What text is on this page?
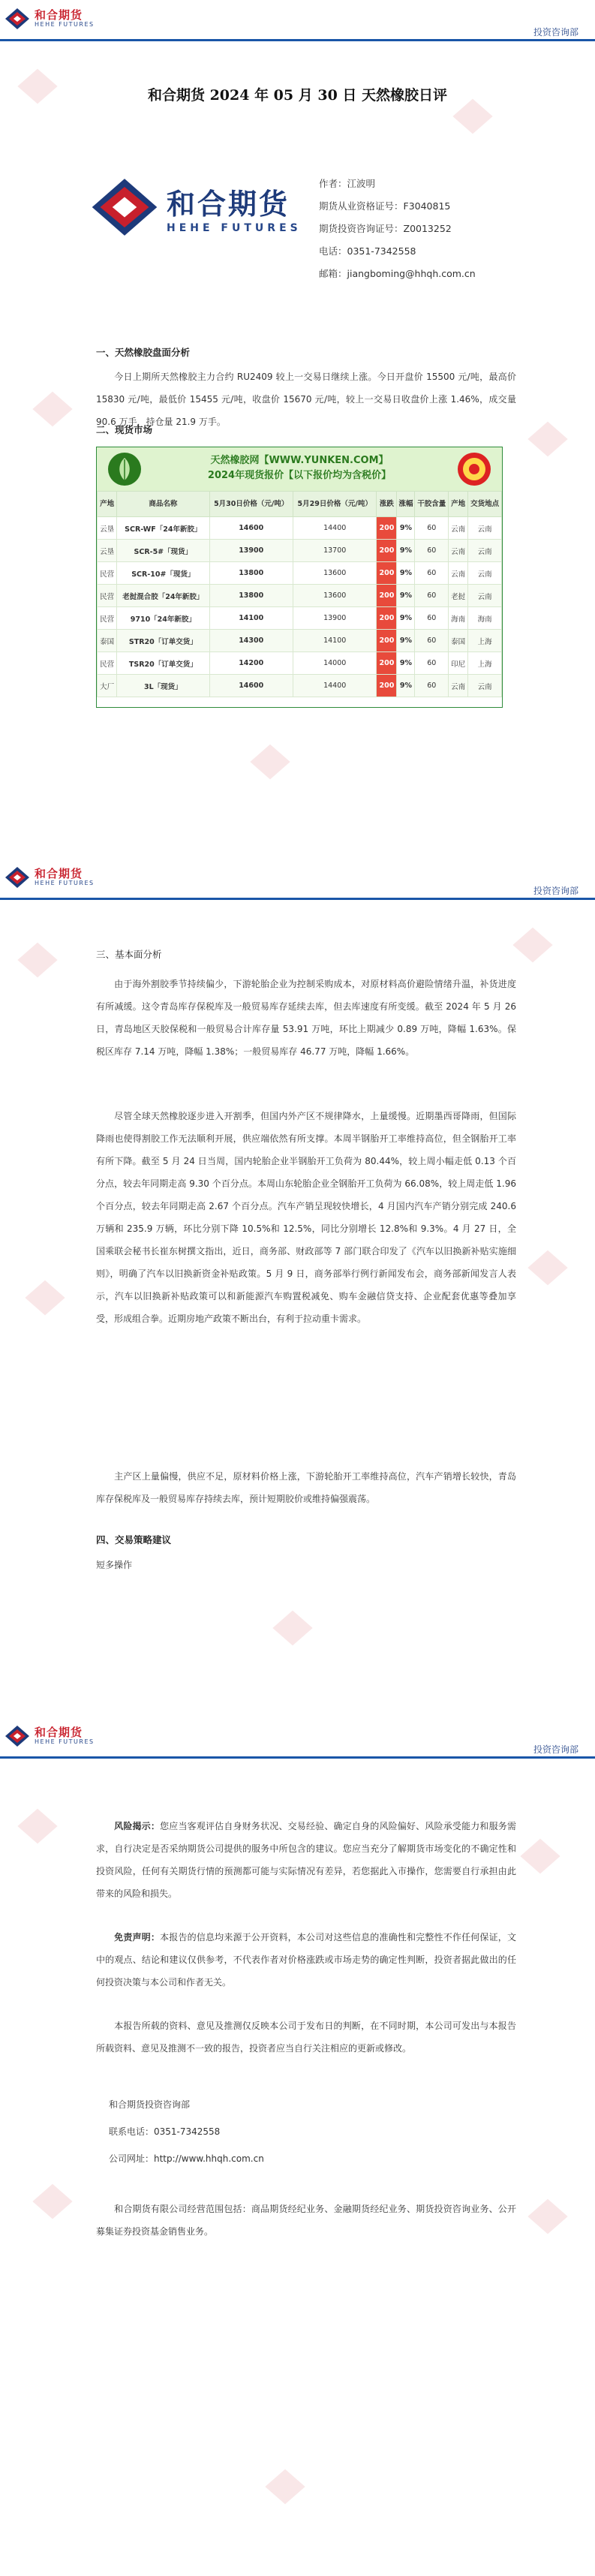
和合期货
HEHE FUTURES
投资咨询部
和合期货 2024 年 05 月 30 日 天然橡胶日评
和合期货
HEHE FUTURES
作者：江波明
期货从业资格证号：F3040815
期货投资咨询证号：Z0013252
电话：0351-7342558
邮箱：jiangboming@hhqh.com.cn
一、天然橡胶盘面分析
今日上期所天然橡胶主力合约 RU2409 较上一交易日继续上涨。今日开盘价 15500 元/吨，最高价 15830 元/吨，最低价 15455 元/吨，收盘价 15670 元/吨，较上一交易日收盘价上涨 1.46%，成交量 90.6 万手，持仓量 21.9 万手。
二、现货市场
天然橡胶网【WWW.YUNKEN.COM】
2024年现货报价【以下报价均为含税价】
产地	商品名称	5月30日价格（元/吨）	5月29日价格（元/吨）	涨跌	涨幅	干胶含量	产地	交货地点
云垦	SCR-WF「24年新胶」	14600	14400	200	9%	60	云南	云南
云垦	SCR-5#「现货」	13900	13700	200	9%	60	云南	云南
民营	SCR-10#「现货」	13800	13600	200	9%	60	云南	云南
民营	老挝混合胶「24年新胶」	13800	13600	200	9%	60	老挝	云南
民营	9710「24年新胶」	14100	13900	200	9%	60	海南	海南
泰国	STR20「订单交货」	14300	14100	200	9%	60	泰国	上海
民营	TSR20「订单交货」	14200	14000	200	9%	60	印尼	上海
大厂	3L「现货」	14600	14400	200	9%	60	云南	云南
和合期货
HEHE FUTURES
投资咨询部
三、基本面分析
由于海外割胶季节持续偏少，下游轮胎企业为控制采购成本，对原材料高价避险情绪升温，补货进度有所减缓。这令青岛库存保税库及一般贸易库存延续去库，但去库速度有所变缓。截至 2024 年 5 月 26 日，青岛地区天胶保税和一般贸易合计库存量 53.91 万吨，环比上期减少 0.89 万吨，降幅 1.63%。保税区库存 7.14 万吨，降幅 1.38%；一般贸易库存 46.77 万吨，降幅 1.66%。
尽管全球天然橡胶逐步进入开割季，但国内外产区不规律降水，上量缓慢。近期墨西哥降雨，但国际降雨也使得割胶工作无法顺利开展，供应端依然有所支撑。本周半钢胎开工率维持高位，但全钢胎开工率有所下降。截至 5 月 24 日当周，国内轮胎企业半钢胎开工负荷为 80.44%，较上周小幅走低 0.13 个百分点，较去年同期走高 9.30 个百分点。本周山东轮胎企业全钢胎开工负荷为 66.08%，较上周走低 1.96 个百分点，较去年同期走高 2.67 个百分点。汽车产销呈现较快增长，4 月国内汽车产销分别完成 240.6 万辆和 235.9 万辆，环比分别下降 10.5%和 12.5%，同比分别增长 12.8%和 9.3%。4 月 27 日，全国乘联会秘书长崔东树撰文指出，近日，商务部、财政部等 7 部门联合印发了《汽车以旧换新补贴实施细则》，明确了汽车以旧换新资金补贴政策。5 月 9 日，商务部举行例行新闻发布会，商务部新闻发言人表示，汽车以旧换新补贴政策可以和新能源汽车购置税减免、购车金融信贷支持、企业配套优惠等叠加享受，形成组合拳。近期房地产政策不断出台，有利于拉动重卡需求。
主产区上量偏慢，供应不足，原材料价格上涨，下游轮胎开工率维持高位，汽车产销增长较快，青岛库存保税库及一般贸易库存持续去库，预计短期胶价或维持偏强震荡。
四、交易策略建议
短多操作
和合期货
HEHE FUTURES
投资咨询部
风险揭示：您应当客观评估自身财务状况、交易经验、确定自身的风险偏好、风险承受能力和服务需求，自行决定是否采纳期货公司提供的服务中所包含的建议。您应当充分了解期货市场变化的不确定性和投资风险，任何有关期货行情的预测都可能与实际情况有差异，若您据此入市操作，您需要自行承担由此带来的风险和损失。
免责声明：本报告的信息均来源于公开资料，本公司对这些信息的准确性和完整性不作任何保证，文中的观点、结论和建议仅供参考，不代表作者对价格涨跌或市场走势的确定性判断，投资者据此做出的任何投资决策与本公司和作者无关。
本报告所载的资料、意见及推测仅反映本公司于发布日的判断，在不同时期，本公司可发出与本报告所载资料、意见及推测不一致的报告，投资者应当自行关注相应的更新或修改。
和合期货投资咨询部
联系电话：0351-7342558
公司网址：http://www.hhqh.com.cn
和合期货有限公司经营范围包括：商品期货经纪业务、金融期货经纪业务、期货投资咨询业务、公开募集证券投资基金销售业务。
